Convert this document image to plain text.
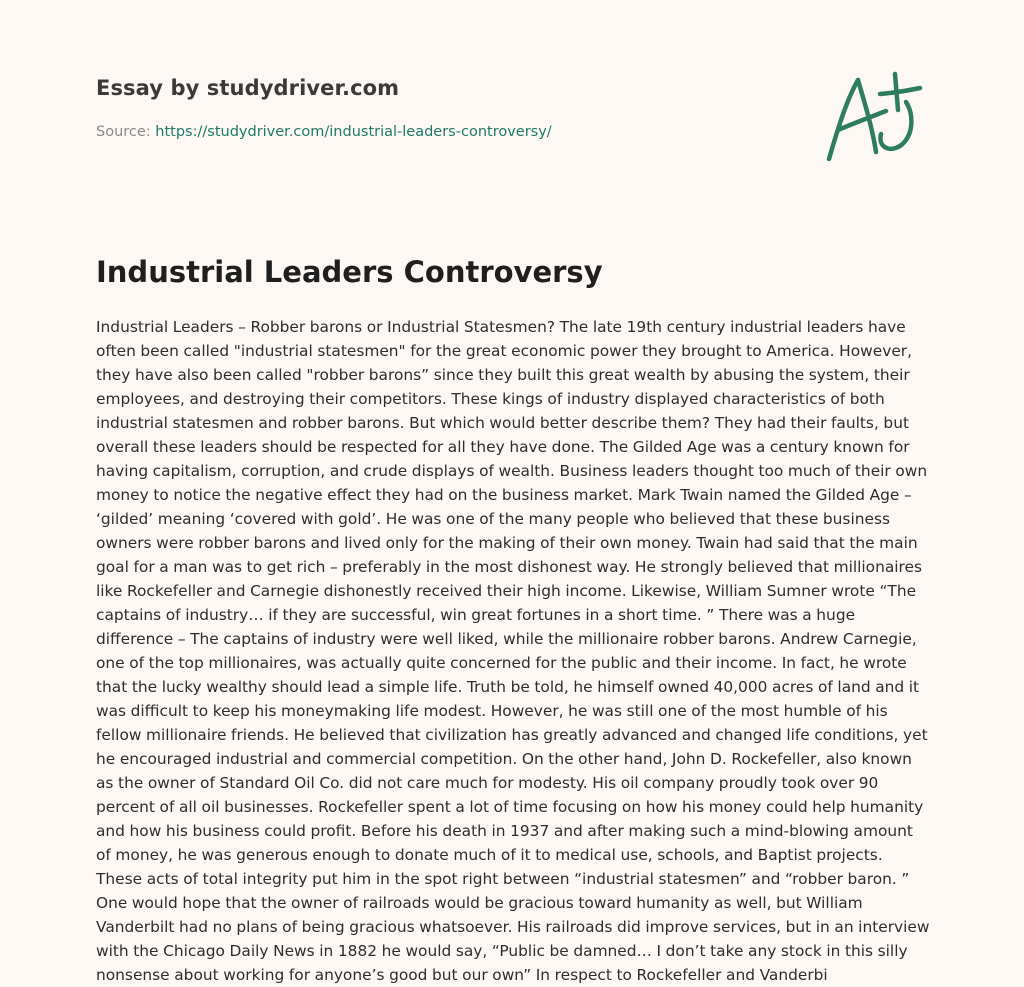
Essay by studydriver.com
Source: https://studydriver.com/industrial-leaders-controversy/
Industrial Leaders Controversy

Industrial Leaders – Robber barons or Industrial Statesmen? The late 19th century industrial leaders have often been called "industrial statesmen" for the great economic power they brought to America. However, they have also been called "robber barons” since they built this great wealth by abusing the system, their employees, and destroying their competitors. These kings of industry displayed characteristics of both industrial statesmen and robber barons. But which would better describe them? They had their faults, but overall these leaders should be respected for all they have done. The Gilded Age was a century known for having capitalism, corruption, and crude displays of wealth. Business leaders thought too much of their own money to notice the negative effect they had on the business market. Mark Twain named the Gilded Age – ‘gilded’ meaning ‘covered with gold’. He was one of the many people who believed that these business owners were robber barons and lived only for the making of their own money. Twain had said that the main goal for a man was to get rich – preferably in the most dishonest way. He strongly believed that millionaires like Rockefeller and Carnegie dishonestly received their high income. Likewise, William Sumner wrote “The captains of industry… if they are successful, win great fortunes in a short time. ” There was a huge difference – The captains of industry were well liked, while the millionaire robber barons. Andrew Carnegie, one of the top millionaires, was actually quite concerned for the public and their income. In fact, he wrote that the lucky wealthy should lead a simple life. Truth be told, he himself owned 40,000 acres of land and it was difficult to keep his moneymaking life modest. However, he was still one of the most humble of his fellow millionaire friends. He believed that civilization has greatly advanced and changed life conditions, yet he encouraged industrial and commercial competition. On the other hand, John D. Rockefeller, also known as the owner of Standard Oil Co. did not care much for modesty. His oil company proudly took over 90 percent of all oil businesses. Rockefeller spent a lot of time focusing on how his money could help humanity and how his business could profit. Before his death in 1937 and after making such a mind-blowing amount of money, he was generous enough to donate much of it to medical use, schools, and Baptist projects. These acts of total integrity put him in the spot right between “industrial statesmen” and “robber baron. ” One would hope that the owner of railroads would be gracious toward humanity as well, but William Vanderbilt had no plans of being gracious whatsoever. His railroads did improve services, but in an interview with the Chicago Daily News in 1882 he would say, “Public be damned… I don’t take any stock in this silly nonsense about working for anyone’s good but our own” In respect to Rockefeller and Vanderbi
